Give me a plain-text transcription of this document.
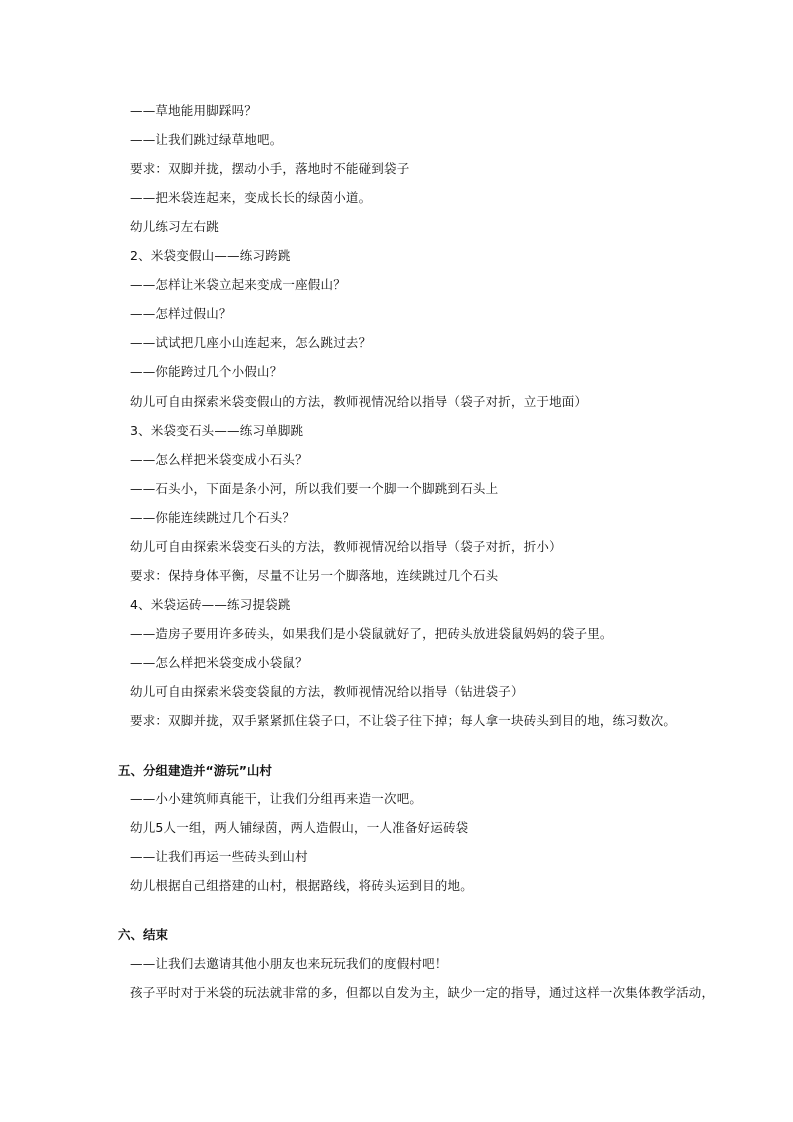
——草地能用脚踩吗？
——让我们跳过绿草地吧。
要求：双脚并拢，摆动小手，落地时不能碰到袋子
——把米袋连起来，变成长长的绿茵小道。
幼儿练习左右跳
2、米袋变假山——练习跨跳
——怎样让米袋立起来变成一座假山？
——怎样过假山？
——试试把几座小山连起来，怎么跳过去？
——你能跨过几个小假山？
幼儿可自由探索米袋变假山的方法，教师视情况给以指导（袋子对折，立于地面）
3、米袋变石头——练习单脚跳
——怎么样把米袋变成小石头？
——石头小，下面是条小河，所以我们要一个脚一个脚跳到石头上
——你能连续跳过几个石头？
幼儿可自由探索米袋变石头的方法，教师视情况给以指导（袋子对折，折小）
要求：保持身体平衡，尽量不让另一个脚落地，连续跳过几个石头
4、米袋运砖——练习提袋跳
——造房子要用许多砖头，如果我们是小袋鼠就好了，把砖头放进袋鼠妈妈的袋子里。
——怎么样把米袋变成小袋鼠？
幼儿可自由探索米袋变袋鼠的方法，教师视情况给以指导（钻进袋子）
要求：双脚并拢，双手紧紧抓住袋子口，不让袋子往下掉；每人拿一块砖头到目的地，练习数次。
五、分组建造并“游玩”山村
——小小建筑师真能干，让我们分组再来造一次吧。
幼儿5人一组，两人铺绿茵，两人造假山，一人准备好运砖袋
——让我们再运一些砖头到山村
幼儿根据自己组搭建的山村，根据路线，将砖头运到目的地。
六、结束
——让我们去邀请其他小朋友也来玩玩我们的度假村吧！
孩子平时对于米袋的玩法就非常的多，但都以自发为主，缺少一定的指导，通过这样一次集体教学活动，
